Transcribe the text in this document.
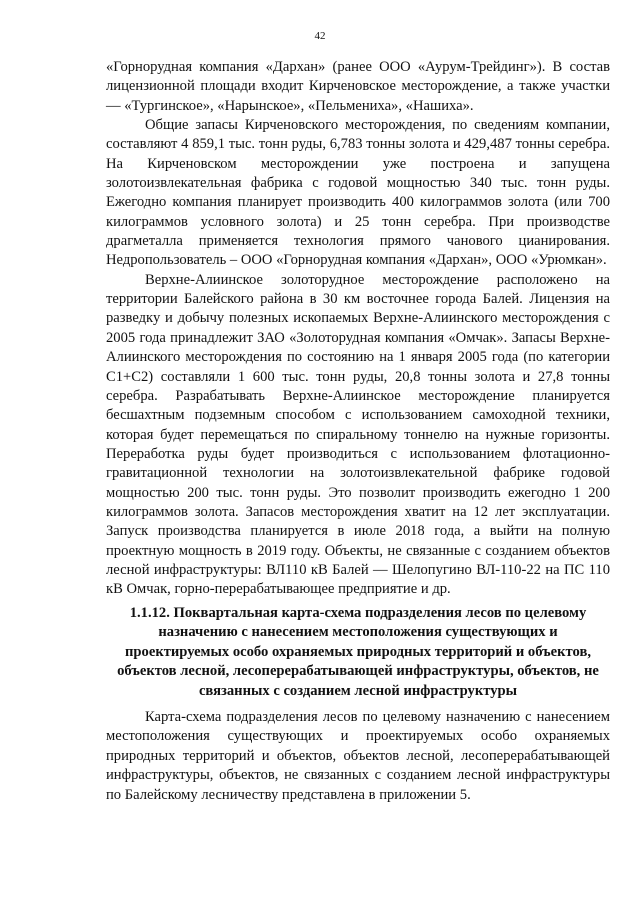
42

«Горнорудная компания «Дархан» (ранее ООО «Аурум-Трейдинг»). В состав лицензионной площади входит Кирченовское месторождение, а также участки — «Тургинское», «Нарынское», «Пельмениха», «Нашиха».

Общие запасы Кирченовского месторождения, по сведениям компании, составляют 4 859,1 тыс. тонн руды, 6,783 тонны золота и 429,487 тонны серебра. На Кирченовском месторождении уже построена и запущена золотоизвлекательная фабрика с годовой мощностью 340 тыс. тонн руды. Ежегодно компания планирует производить 400 килограммов золота (или 700 килограммов условного золота) и 25 тонн серебра. При производстве драгметалла применяется технология прямого чанового цианирования. Недропользователь – ООО «Горнорудная компания «Дархан», ООО «Урюмкан».

Верхне-Алиинское золоторудное месторождение расположено на территории Балейского района в 30 км восточнее города Балей. Лицензия на разведку и добычу полезных ископаемых Верхне-Алиинского месторождения с 2005 года принадлежит ЗАО «Золоторудная компания «Омчак». Запасы Верхне-Алиинского месторождения по состоянию на 1 января 2005 года (по категории С1+С2) составляли 1 600 тыс. тонн руды, 20,8 тонны золота и 27,8 тонны серебра. Разрабатывать Верхне-Алиинское месторождение планируется бесшахтным подземным способом с использованием самоходной техники, которая будет перемещаться по спиральному тоннелю на нужные горизонты. Переработка руды будет производиться с использованием флотационно-гравитационной технологии на золотоизвлекательной фабрике годовой мощностью 200 тыс. тонн руды. Это позволит производить ежегодно 1 200 килограммов золота. Запасов месторождения хватит на 12 лет эксплуатации. Запуск производства планируется в июле 2018 года, а выйти на полную проектную мощность в 2019 году. Объекты, не связанные с созданием объектов лесной инфраструктуры: ВЛ110 кВ Балей — Шелопугино ВЛ-110-22 на ПС 110 кВ Омчак, горно-перерабатывающее предприятие и др.

1.1.12. Поквартальная карта-схема подразделения лесов по целевому назначению с нанесением местоположения существующих и проектируемых особо охраняемых природных территорий и объектов, объектов лесной, лесоперерабатывающей инфраструктуры, объектов, не связанных с созданием лесной инфраструктуры

Карта-схема подразделения лесов по целевому назначению с нанесением местоположения существующих и проектируемых особо охраняемых природных территорий и объектов, объектов лесной, лесоперерабатывающей инфраструктуры, объектов, не связанных с созданием лесной инфраструктуры по Балейскому лесничеству представлена в приложении 5.
